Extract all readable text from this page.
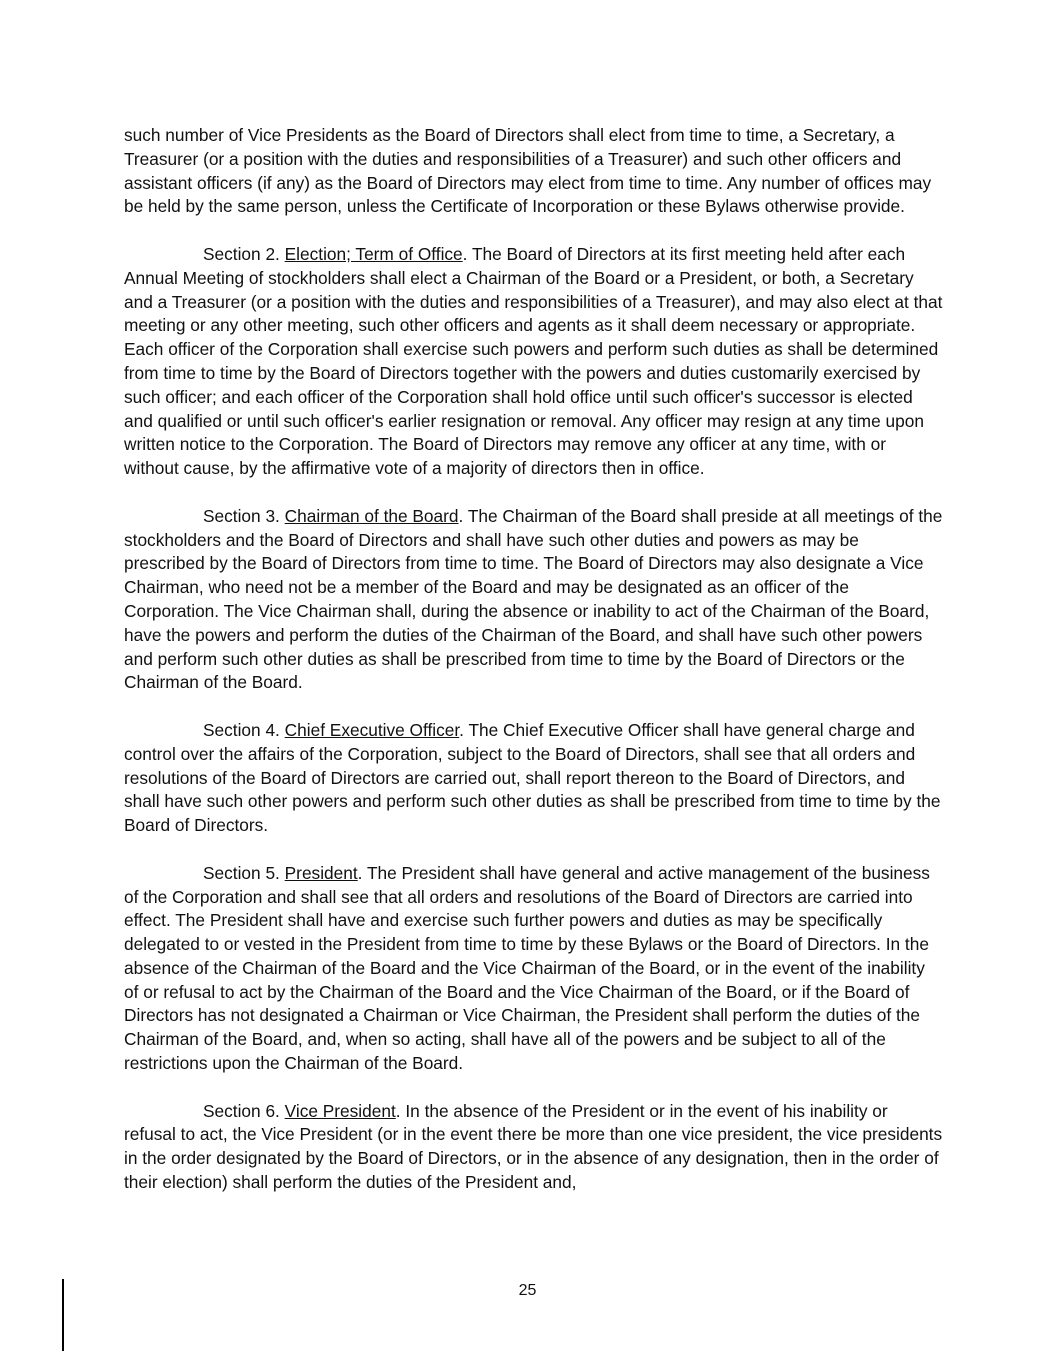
such number of Vice Presidents as the Board of Directors shall elect from time to time, a Secretary, a Treasurer (or a position with the duties and responsibilities of a Treasurer) and such other officers and assistant officers (if any) as the Board of Directors may elect from time to time. Any number of offices may be held by the same person, unless the Certificate of Incorporation or these Bylaws otherwise provide.

Section 2. Election; Term of Office. The Board of Directors at its first meeting held after each Annual Meeting of stockholders shall elect a Chairman of the Board or a President, or both, a Secretary and a Treasurer (or a position with the duties and responsibilities of a Treasurer), and may also elect at that meeting or any other meeting, such other officers and agents as it shall deem necessary or appropriate. Each officer of the Corporation shall exercise such powers and perform such duties as shall be determined from time to time by the Board of Directors together with the powers and duties customarily exercised by such officer; and each officer of the Corporation shall hold office until such officer's successor is elected and qualified or until such officer's earlier resignation or removal. Any officer may resign at any time upon written notice to the Corporation. The Board of Directors may remove any officer at any time, with or without cause, by the affirmative vote of a majority of directors then in office.

Section 3. Chairman of the Board. The Chairman of the Board shall preside at all meetings of the stockholders and the Board of Directors and shall have such other duties and powers as may be prescribed by the Board of Directors from time to time. The Board of Directors may also designate a Vice Chairman, who need not be a member of the Board and may be designated as an officer of the Corporation. The Vice Chairman shall, during the absence or inability to act of the Chairman of the Board, have the powers and perform the duties of the Chairman of the Board, and shall have such other powers and perform such other duties as shall be prescribed from time to time by the Board of Directors or the Chairman of the Board.

Section 4. Chief Executive Officer. The Chief Executive Officer shall have general charge and control over the affairs of the Corporation, subject to the Board of Directors, shall see that all orders and resolutions of the Board of Directors are carried out, shall report thereon to the Board of Directors, and shall have such other powers and perform such other duties as shall be prescribed from time to time by the Board of Directors.

Section 5. President. The President shall have general and active management of the business of the Corporation and shall see that all orders and resolutions of the Board of Directors are carried into effect. The President shall have and exercise such further powers and duties as may be specifically delegated to or vested in the President from time to time by these Bylaws or the Board of Directors. In the absence of the Chairman of the Board and the Vice Chairman of the Board, or in the event of the inability of or refusal to act by the Chairman of the Board and the Vice Chairman of the Board, or if the Board of Directors has not designated a Chairman or Vice Chairman, the President shall perform the duties of the Chairman of the Board, and, when so acting, shall have all of the powers and be subject to all of the restrictions upon the Chairman of the Board.

Section 6. Vice President. In the absence of the President or in the event of his inability or refusal to act, the Vice President (or in the event there be more than one vice president, the vice presidents in the order designated by the Board of Directors, or in the absence of any designation, then in the order of their election) shall perform the duties of the President and,

25
